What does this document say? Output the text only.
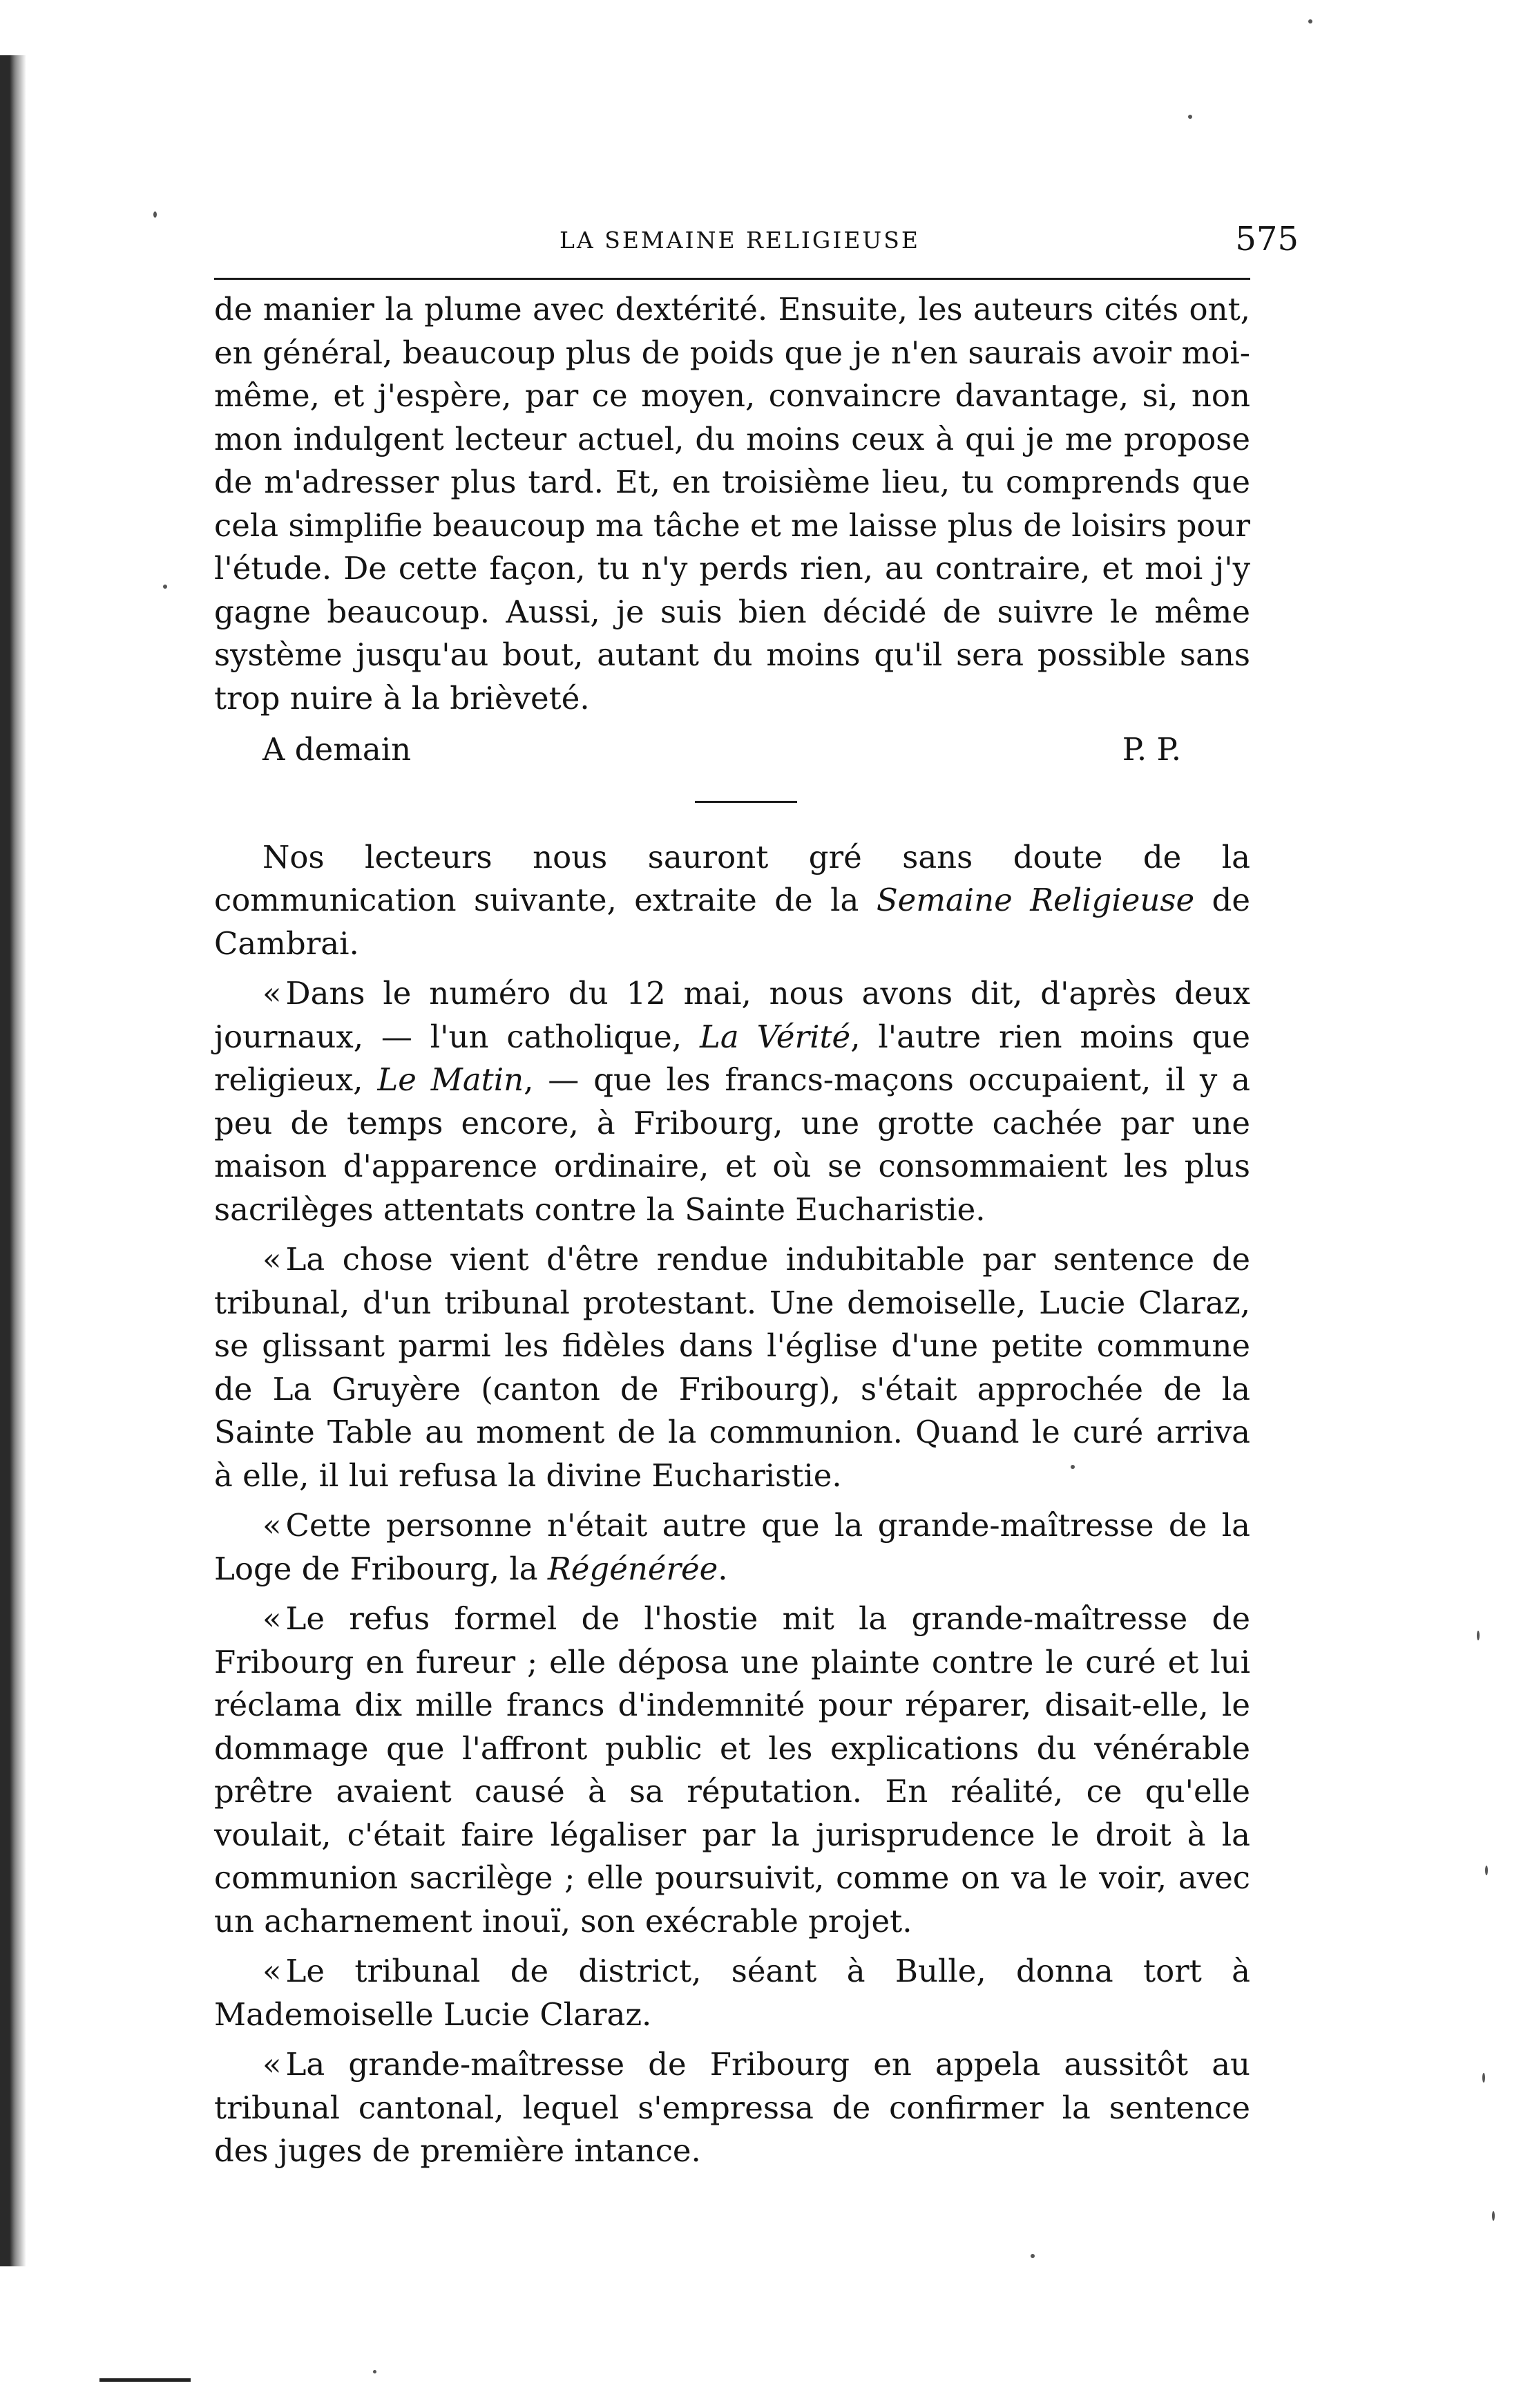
LA SEMAINE RELIGIEUSE	575

de manier la plume avec dextérité. Ensuite, les auteurs cités ont, en général, beaucoup plus de poids que je n'en saurais avoir moi-même, et j'espère, par ce moyen, convaincre davantage, si, non mon indulgent lecteur actuel, du moins ceux à qui je me propose de m'adresser plus tard. Et, en troisième lieu, tu comprends que cela simplifie beaucoup ma tâche et me laisse plus de loisirs pour l'étude. De cette façon, tu n'y perds rien, au contraire, et moi j'y gagne beaucoup. Aussi, je suis bien décidé de suivre le même système jusqu'au bout, autant du moins qu'il sera possible sans trop nuire à la brièveté.

A demain	P. P.

Nos lecteurs nous sauront gré sans doute de la communication suivante, extraite de la Semaine Religieuse de Cambrai.

« Dans le numéro du 12 mai, nous avons dit, d'après deux journaux, — l'un catholique, La Vérité, l'autre rien moins que religieux, Le Matin, — que les francs-maçons occupaient, il y a peu de temps encore, à Fribourg, une grotte cachée par une maison d'apparence ordinaire, et où se consommaient les plus sacrilèges attentats contre la Sainte Eucharistie.

« La chose vient d'être rendue indubitable par sentence de tribunal, d'un tribunal protestant. Une demoiselle, Lucie Claraz, se glissant parmi les fidèles dans l'église d'une petite commune de La Gruyère (canton de Fribourg), s'était approchée de la Sainte Table au moment de la communion. Quand le curé arriva à elle, il lui refusa la divine Eucharistie.

« Cette personne n'était autre que la grande-maîtresse de la Loge de Fribourg, la Régénérée.

« Le refus formel de l'hostie mit la grande-maîtresse de Fribourg en fureur ; elle déposa une plainte contre le curé et lui réclama dix mille francs d'indemnité pour réparer, disait-elle, le dommage que l'affront public et les explications du vénérable prêtre avaient causé à sa réputation. En réalité, ce qu'elle voulait, c'était faire légaliser par la jurisprudence le droit à la communion sacrilège ; elle poursuivit, comme on va le voir, avec un acharnement inouï, son exécrable projet.

« Le tribunal de district, séant à Bulle, donna tort à Mademoiselle Lucie Claraz.

« La grande-maîtresse de Fribourg en appela aussitôt au tribunal cantonal, lequel s'empressa de confirmer la sentence des juges de première intance.
